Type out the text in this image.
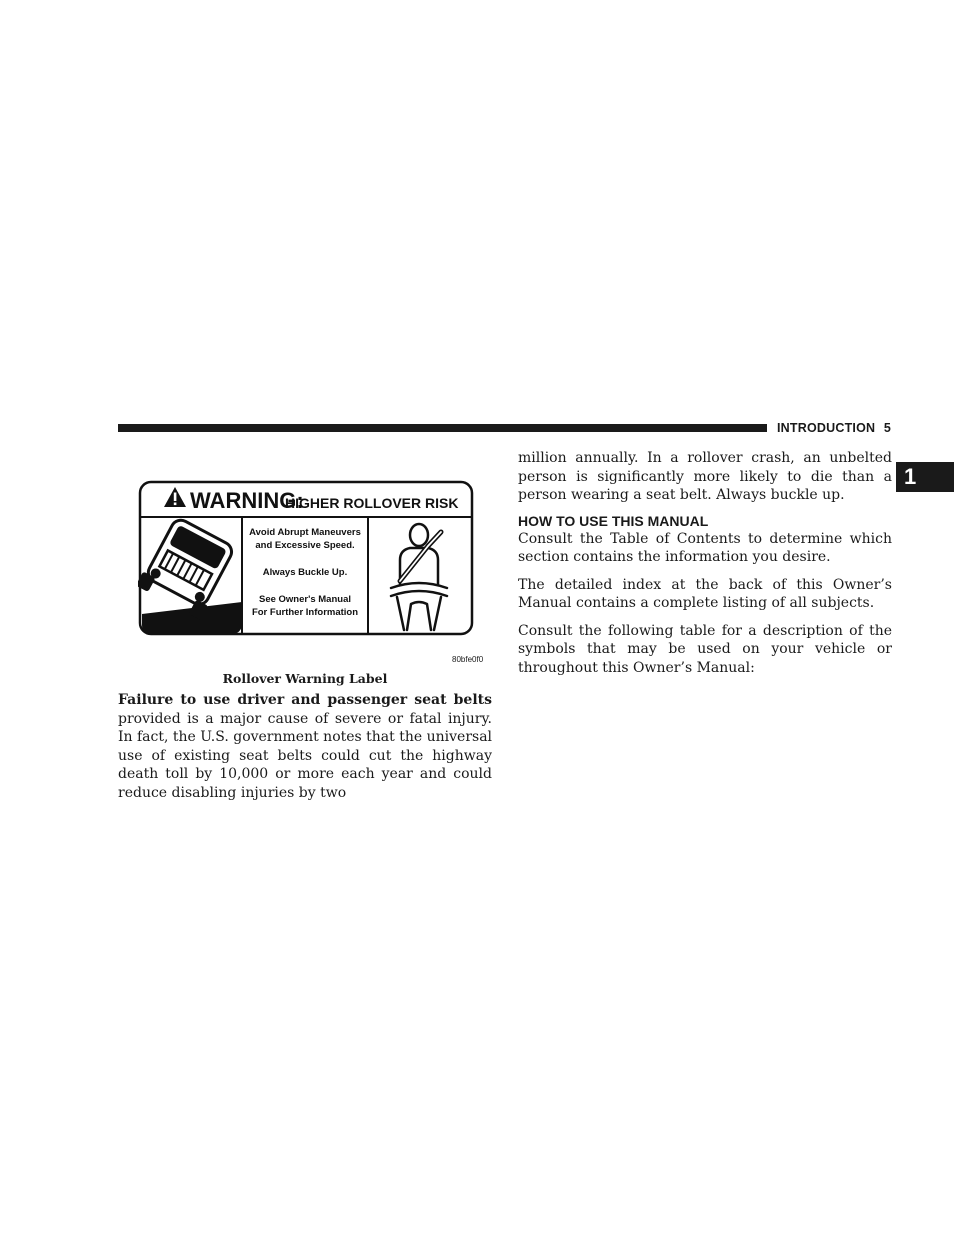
INTRODUCTION 5
1
WARNING:
HIGHER ROLLOVER RISK
Avoid Abrupt Maneuvers
and Excessive Speed.
Always Buckle Up.
See Owner's Manual
For Further Information
80bfe0f0
Rollover Warning Label

Failure to use driver and passenger seat belts provided is a major cause of severe or fatal injury. In fact, the U.S. government notes that the universal use of existing seat belts could cut the highway death toll by 10,000 or more each year and could reduce disabling injuries by two

million annually. In a rollover crash, an unbelted person is significantly more likely to die than a person wearing a seat belt. Always buckle up.

HOW TO USE THIS MANUAL

Consult the Table of Contents to determine which section contains the information you desire.

The detailed index at the back of this Owner’s Manual contains a complete listing of all subjects.

Consult the following table for a description of the symbols that may be used on your vehicle or throughout this Owner’s Manual:
